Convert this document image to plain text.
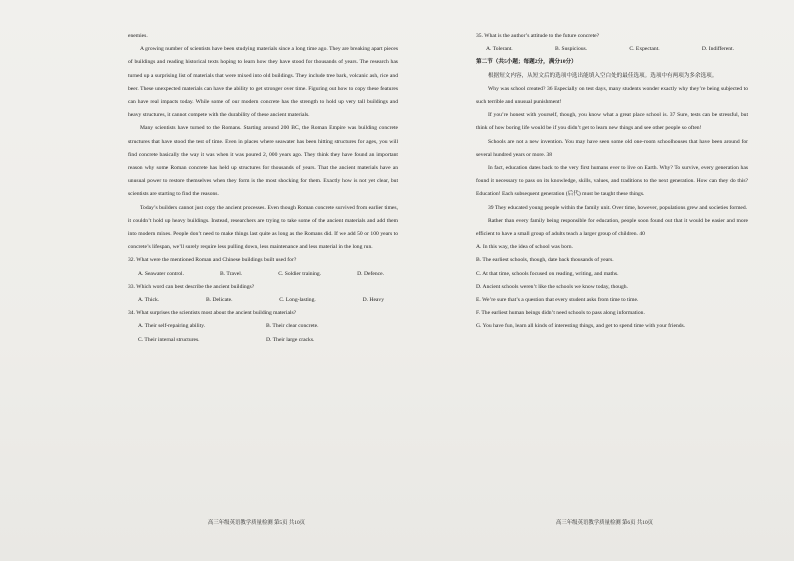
enemies.

A growing number of scientists have been studying materials since a long time ago. They are breaking apart pieces of buildings and reading historical texts hoping to learn how they have stood for thousands of years. The research has turned up a surprising list of materials that were mixed into old buildings. They include tree bark, volcanic ash, rice and beer. These unexpected materials can have the ability to get stronger over time. Figuring out how to copy these features can have real impacts today. While some of our modern concrete has the strength to hold up very tall buildings and heavy structures, it cannot compete with the durability of these ancient materials.

Many scientists have turned to the Romans. Starting around 200 BC, the Roman Empire was building concrete structures that have stood the test of time. Even in places where seawater has been hitting structures for ages, you will find concrete basically the way it was when it was poured 2, 000 years ago. They think they have found an important reason why some Roman concrete has held up structures for thousands of years. That the ancient materials have an unusual power to restore themselves when they form is the most shocking for them. Exactly how is not yet clear, but scientists are starting to find the reasons.

Today’s builders cannot just copy the ancient processes. Even though Roman concrete survived from earlier times, it couldn’t hold up heavy buildings. Instead, researchers are trying to take some of the ancient materials and add them into modern mixes. People don’t need to make things last quite as long as the Romans did. If we add 50 or 100 years to concrete’s lifespan, we’ll surely require less pulling down, less maintenance and less material in the long run.

32. What were the mentioned Roman and Chinese buildings built used for?

A. Seawater control.	B. Travel.	C. Soldier training.	D. Defence.

33. Which word can best describe the ancient buildings?

A. Thick.	B. Delicate.	C. Long-lasting.	D. Heavy

34. What surprises the scientists most about the ancient building materials?

A. Their self-repairing ability.	B. Their clear concrete.
C. Their internal structures.	D. Their large cracks.

35. What is the author’s attitude to the future concrete?

A. Tolerant.	B. Suspicious.	C. Expectant.	D. Indifferent.

第二节（共5小题；每题2分，满分10分）

根据短文内容，从短文后的选项中选出能填入空白处的最佳选项。选项中有两项为多余选项。

Why was school created? 36 Especially on test days, many students wonder exactly why they’re being subjected to such terrible and unusual punishment!

If you’re honest with yourself, though, you know what a great place school is. 37 Sure, tests can be stressful, but think of how boring life would be if you didn’t get to learn new things and see other people so often!

Schools are not a new invention. You may have seen some old one-room schoolhouses that have been around for several hundred years or more. 38

In fact, education dates back to the very first humans ever to live on Earth. Why? To survive, every generation has found it necessary to pass on its knowledge, skills, values, and traditions to the next generation. How can they do this? Education! Each subsequent generation (后代) must be taught these things.

39 They educated young people within the family unit. Over time, however, populations grew and societies formed.

Rather than every family being responsible for education, people soon found out that it would be easier and more efficient to have a small group of adults teach a larger group of children. 40

A. In this way, the idea of school was born.

B. The earliest schools, though, date back thousands of years.

C. At that time, schools focused on reading, writing, and maths.

D. Ancient schools weren’t like the schools we know today, though.

E. We’re sure that’s a question that every student asks from time to time.

F. The earliest human beings didn’t need schools to pass along information.

G. You have fun, learn all kinds of interesting things, and get to spend time with your friends.

高三年级英语教学质量检测 第5页 共10页	高三年级英语教学质量检测 第6页 共10页
